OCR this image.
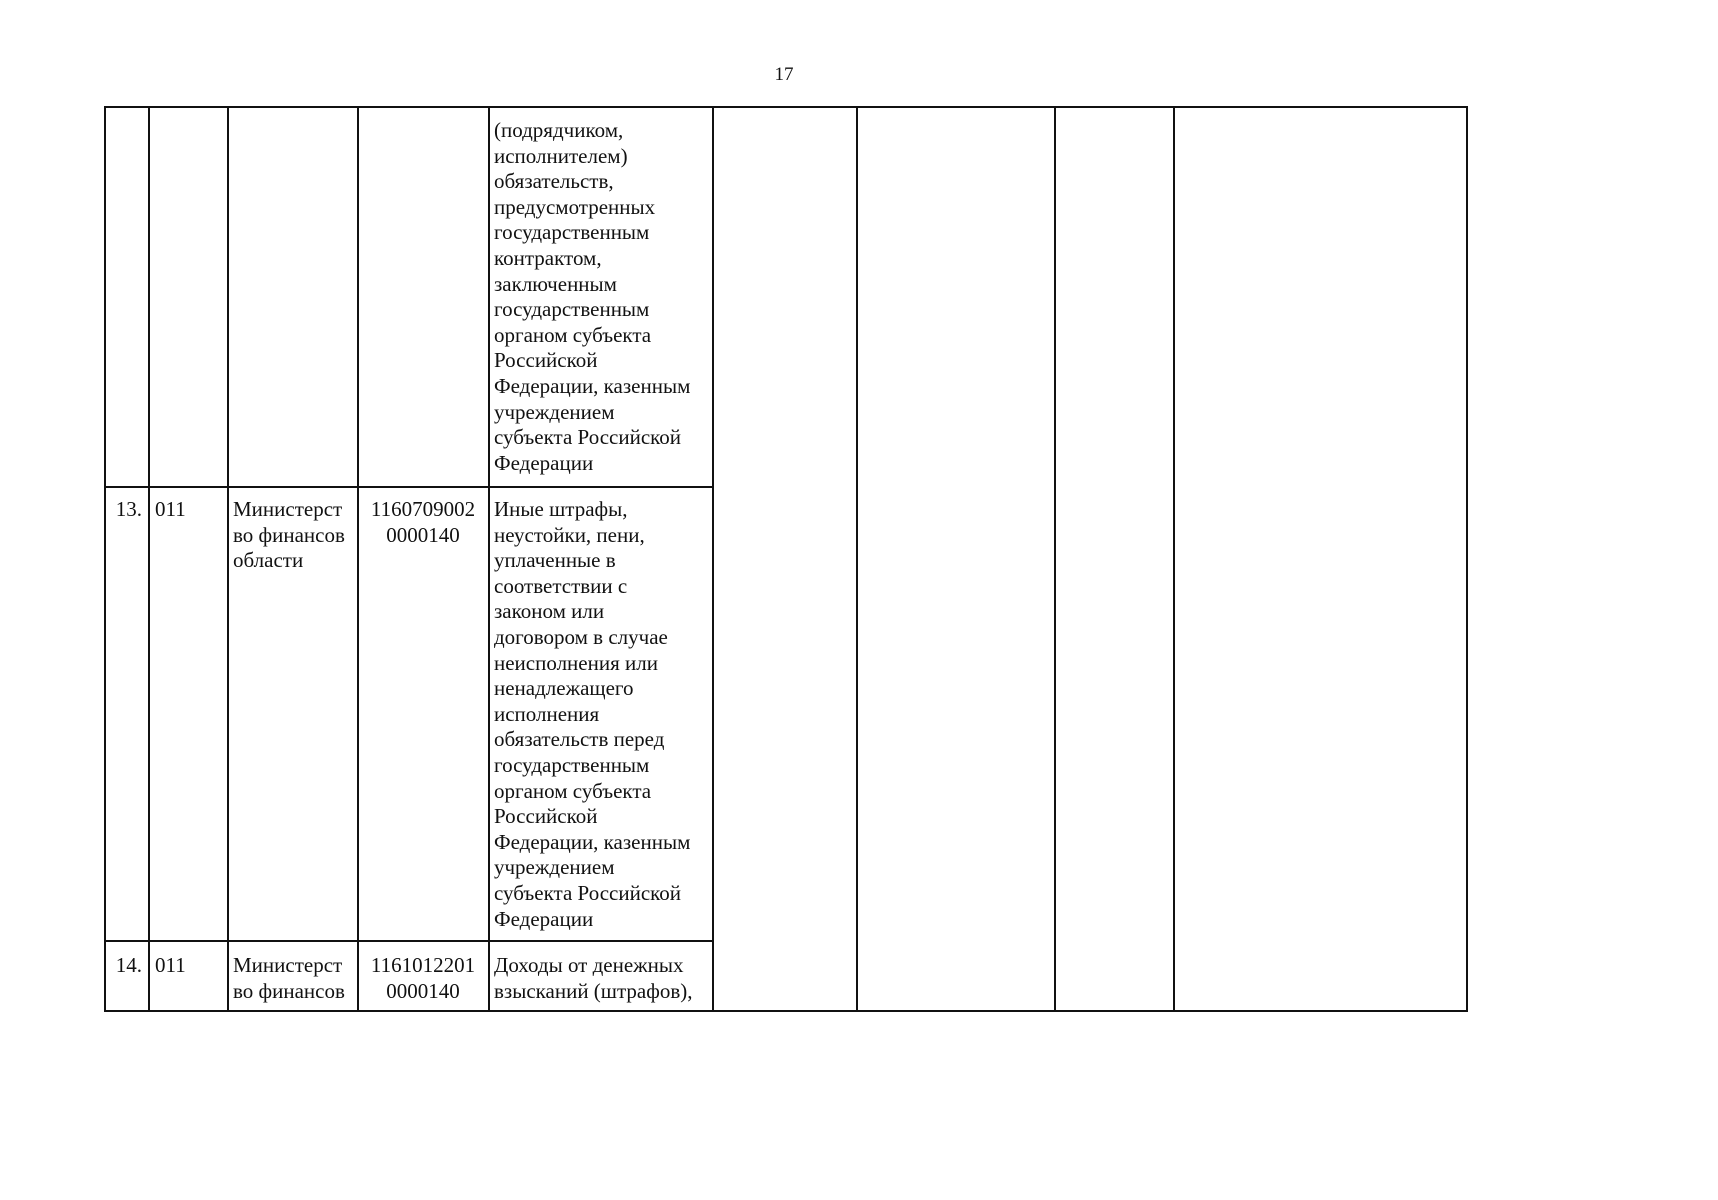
17
(подрядчиком,
исполнителем)
обязательств,
предусмотренных
государственным
контрактом,
заключенным
государственным
органом субъекта
Российской
Федерации, казенным
учреждением
субъекта Российской
Федерации
13. 011	Министерст
во финансов
области
1160709002
0000140
Иные штрафы,
неустойки, пени,
уплаченные в
соответствии с
законом или
договором в случае
неисполнения или
ненадлежащего
исполнения
обязательств перед
государственным
органом субъекта
Российской
Федерации, казенным
учреждением
субъекта Российской
Федерации
14. 011	Министерст
во финансов
1161012201
0000140
Доходы от денежных
взысканий (штрафов),
